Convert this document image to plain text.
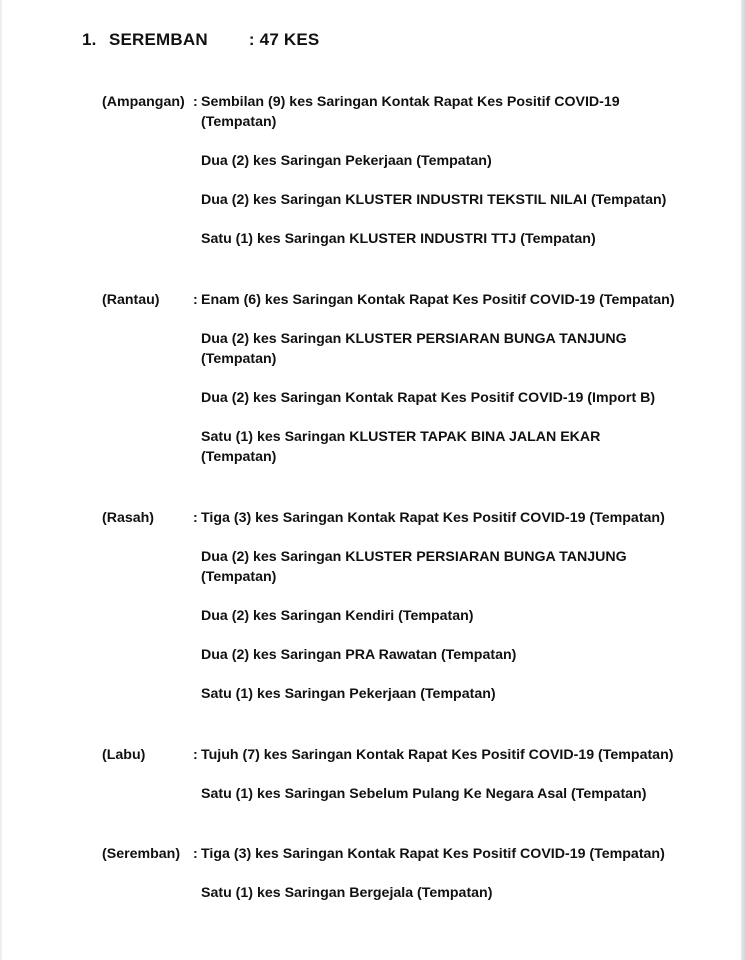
1. SEREMBAN : 47 KES
(Ampangan) : Sembilan (9) kes Saringan Kontak Rapat Kes Positif COVID-19 (Tempatan)
Dua (2) kes Saringan Pekerjaan (Tempatan)
Dua (2) kes Saringan KLUSTER INDUSTRI TEKSTIL NILAI (Tempatan)
Satu (1) kes Saringan KLUSTER INDUSTRI TTJ (Tempatan)
(Rantau) : Enam (6) kes Saringan Kontak Rapat Kes Positif COVID-19 (Tempatan)
Dua (2) kes Saringan KLUSTER PERSIARAN BUNGA TANJUNG (Tempatan)
Dua (2) kes Saringan Kontak Rapat Kes Positif COVID-19 (Import B)
Satu (1) kes Saringan KLUSTER TAPAK BINA JALAN EKAR (Tempatan)
(Rasah)	: Tiga (3) kes Saringan Kontak Rapat Kes Positif COVID-19 (Tempatan)
Dua (2) kes Saringan KLUSTER PERSIARAN BUNGA TANJUNG (Tempatan)
Dua (2) kes Saringan Kendiri (Tempatan)
Dua (2) kes Saringan PRA Rawatan (Tempatan)
Satu (1) kes Saringan Pekerjaan (Tempatan)
(Labu)	: Tujuh (7) kes Saringan Kontak Rapat Kes Positif COVID-19 (Tempatan)
Satu (1) kes Saringan Sebelum Pulang Ke Negara Asal (Tempatan)
(Seremban) : Tiga (3) kes Saringan Kontak Rapat Kes Positif COVID-19 (Tempatan)
Satu (1) kes Saringan Bergejala (Tempatan)
